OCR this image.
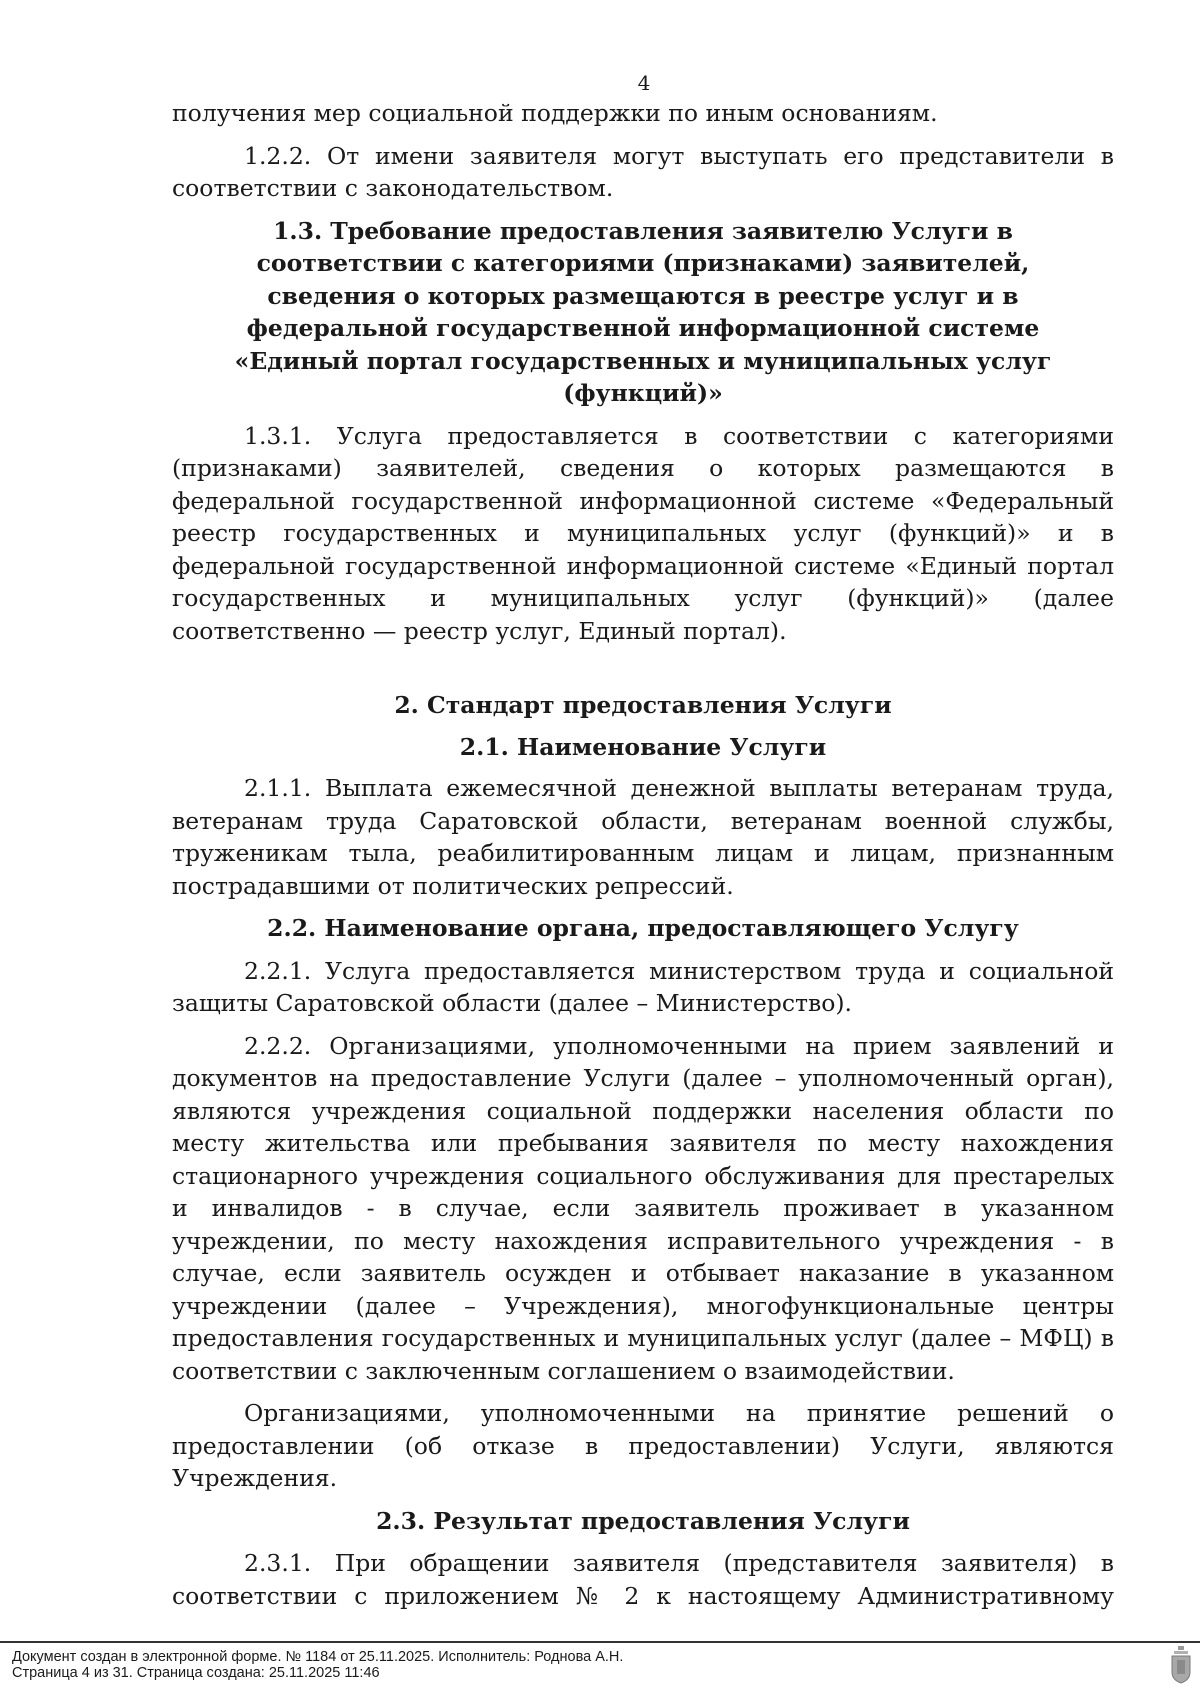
4

получения мер социальной поддержки по иным основаниям.

1.2.2. От имени заявителя могут выступать его представители в соответствии с законодательством.

1.3. Требование предоставления заявителю Услуги в соответствии с категориями (признаками) заявителей, сведения о которых размещаются в реестре услуг и в федеральной государственной информационной системе «Единый портал государственных и муниципальных услуг (функций)»

1.3.1. Услуга предоставляется в соответствии с категориями (признаками) заявителей, сведения о которых размещаются в федеральной государственной информационной системе «Федеральный реестр государственных и муниципальных услуг (функций)» и в федеральной государственной информационной системе «Единый портал государственных и муниципальных услуг (функций)» (далее соответственно — реестр услуг, Единый портал).

2. Стандарт предоставления Услуги
2.1. Наименование Услуги

2.1.1. Выплата ежемесячной денежной выплаты ветеранам труда, ветеранам труда Саратовской области, ветеранам военной службы, труженикам тыла, реабилитированным лицам и лицам, признанным пострадавшими от политических репрессий.

2.2. Наименование органа, предоставляющего Услугу

2.2.1. Услуга предоставляется министерством труда и социальной защиты Саратовской области (далее – Министерство).

2.2.2. Организациями, уполномоченными на прием заявлений и документов на предоставление Услуги (далее – уполномоченный орган), являются учреждения социальной поддержки населения области по месту жительства или пребывания заявителя по месту нахождения стационарного учреждения социального обслуживания для престарелых и инвалидов - в случае, если заявитель проживает в указанном учреждении, по месту нахождения исправительного учреждения - в случае, если заявитель осужден и отбывает наказание в указанном учреждении (далее – Учреждения), многофункциональные центры предоставления государственных и муниципальных услуг (далее – МФЦ) в соответствии с заключенным соглашением о взаимодействии.

Организациями, уполномоченными на принятие решений о предоставлении (об отказе в предоставлении) Услуги, являются Учреждения.

2.3. Результат предоставления Услуги

2.3.1. При обращении заявителя (представителя заявителя) в соответствии с приложением № 2 к настоящему Административному

Документ создан в электронной форме. № 1184 от 25.11.2025. Исполнитель: Роднова А.Н.
Страница 4 из 31. Страница создана: 25.11.2025 11:46
